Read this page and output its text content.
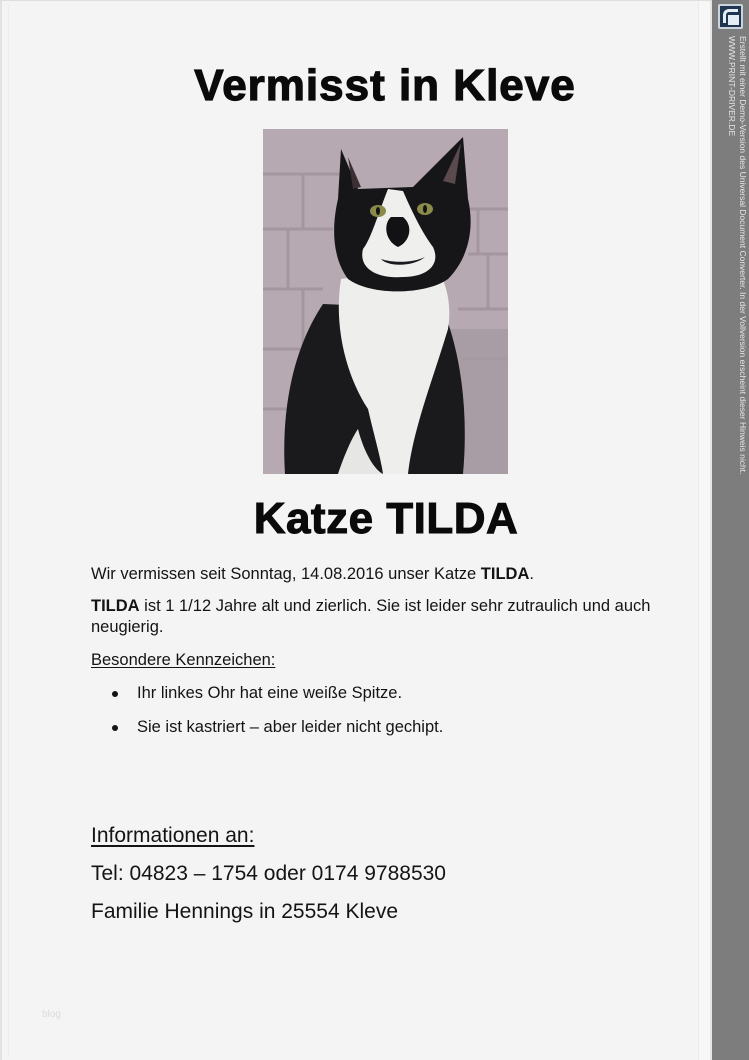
Vermisst in Kleve
Katze TILDA

Wir vermissen seit Sonntag, 14.08.2016 unser Katze TILDA.

TILDA ist 1 1/12 Jahre alt und zierlich. Sie ist leider sehr zutraulich und auch neugierig.

Besondere Kennzeichen:

Ihr linkes Ohr hat eine weiße Spitze.
Sie ist kastriert – aber leider nicht gechipt.

Informationen an:

Tel: 04823 – 1754 oder 0174 9788530

Familie Hennings in 25554 Kleve

blog
Erstellt mit einer Demo-Version des Universal Document Converter. In der Vollversion erscheint dieser Hinweis nicht.
WWW.PRINT-DRIVER.DE
